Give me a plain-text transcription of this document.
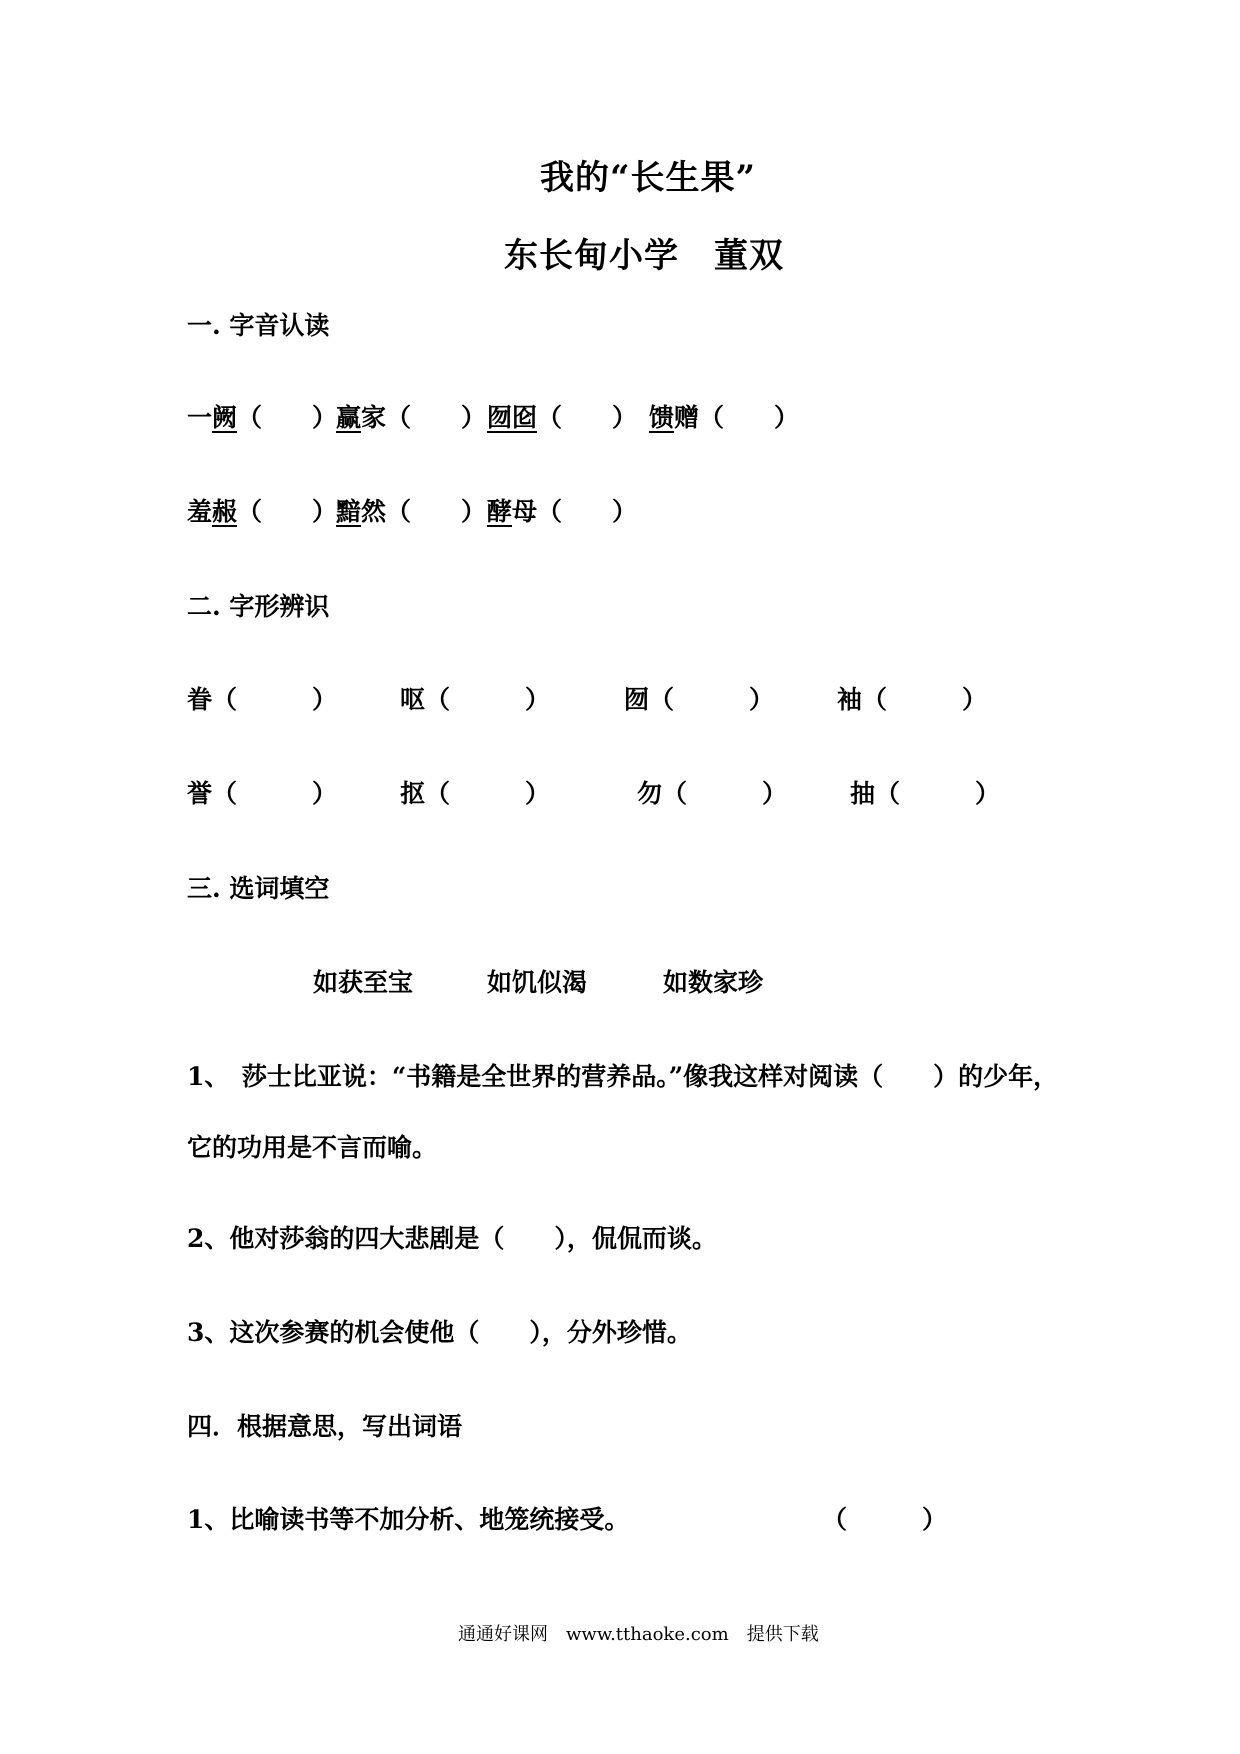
我的“长生果”
东长甸小学　董双
一. 字音认读
一阙（　　）
赢家（　　） 囫囵（　　） 馈赠（　　）
羞赧（　　）
黯然（　　） 酵母（　　）
二. 字形辨识
眷（　　　）	呕（　　　）	囫（　　　）	袖（　　　）
誉（　　　）	抠（　　　）	勿（　　　）	抽（　　　）
三. 选词填空
如获至宝	如饥似渴	如数家珍
1、　莎士比亚说：“书籍是全世界的营养品。”像我这样对阅读（　　）的少年，
它的功用是不言而喻。
2、他对莎翁的四大悲剧是（　　），侃侃而谈。
3、这次参赛的机会使他（　　），分外珍惜。
四．根据意思，写出词语
1、比喻读书等不加分析、地笼统接受。	（　　　）
通通好课网　www.tthaoke.com　提供下载
